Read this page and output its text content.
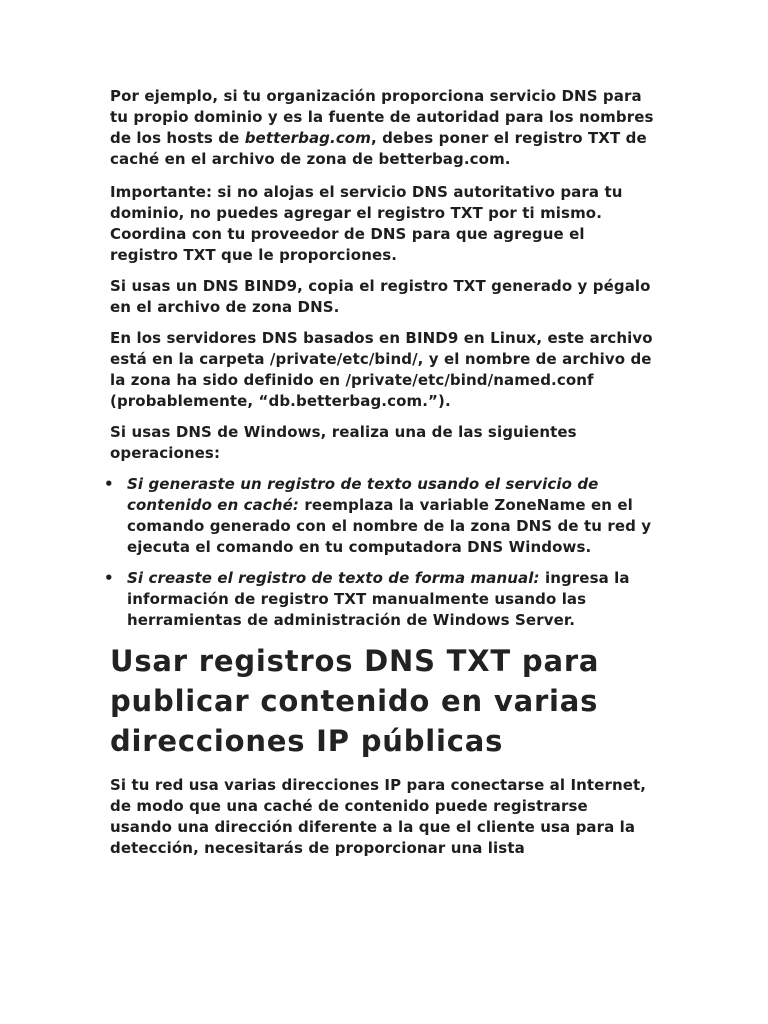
Por ejemplo, si tu organización proporciona servicio DNS para tu propio dominio y es la fuente de autoridad para los nombres de los hosts de betterbag.com, debes poner el registro TXT de caché en el archivo de zona de betterbag.com.

Importante: si no alojas el servicio DNS autoritativo para tu dominio, no puedes agregar el registro TXT por ti mismo. Coordina con tu proveedor de DNS para que agregue el registro TXT que le proporciones.

Si usas un DNS BIND9, copia el registro TXT generado y pégalo en el archivo de zona DNS.

En los servidores DNS basados en BIND9 en Linux, este archivo está en la carpeta /private/etc/bind/, y el nombre de archivo de la zona ha sido definido en /private/etc/bind/named.conf (probablemente, “db.betterbag.com.”).

Si usas DNS de Windows, realiza una de las siguientes operaciones:

• Si generaste un registro de texto usando el servicio de contenido en caché: reemplaza la variable ZoneName en el comando generado con el nombre de la zona DNS de tu red y ejecuta el comando en tu computadora DNS Windows.
• Si creaste el registro de texto de forma manual: ingresa la información de registro TXT manualmente usando las herramientas de administración de Windows Server.
Usar registros DNS TXT para publicar contenido en varias direcciones IP públicas

Si tu red usa varias direcciones IP para conectarse al Internet, de modo que una caché de contenido puede registrarse usando una dirección diferente a la que el cliente usa para la detección, necesitarás de proporcionar una lista
